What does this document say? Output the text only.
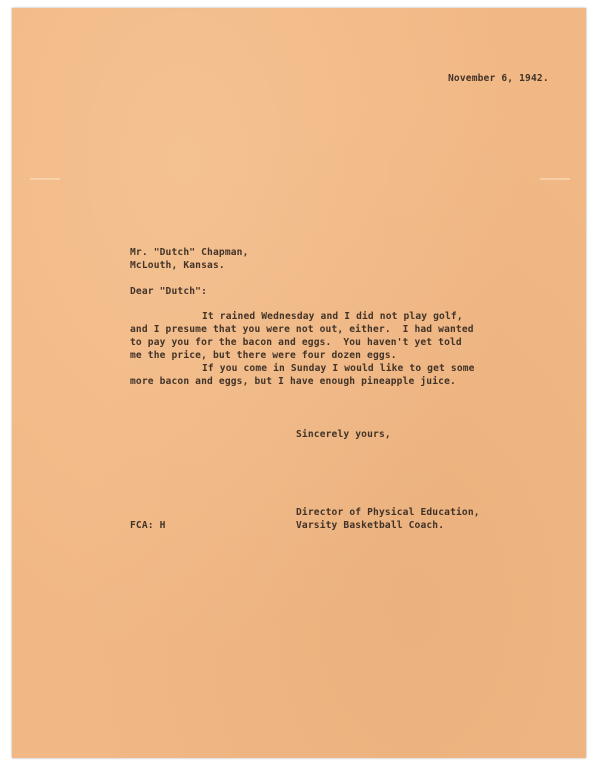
November 6, 1942.
Mr. "Dutch" Chapman,
McLouth, Kansas.
Dear "Dutch":
It rained Wednesday and I did not play golf,
and I presume that you were not out, either.  I had wanted
to pay you for the bacon and eggs.  You haven't yet told
me the price, but there were four dozen eggs.
If you come in Sunday I would like to get some
more bacon and eggs, but I have enough pineapple juice.
Sincerely yours,
Director of Physical Education,
Varsity Basketball Coach.
FCA: H
